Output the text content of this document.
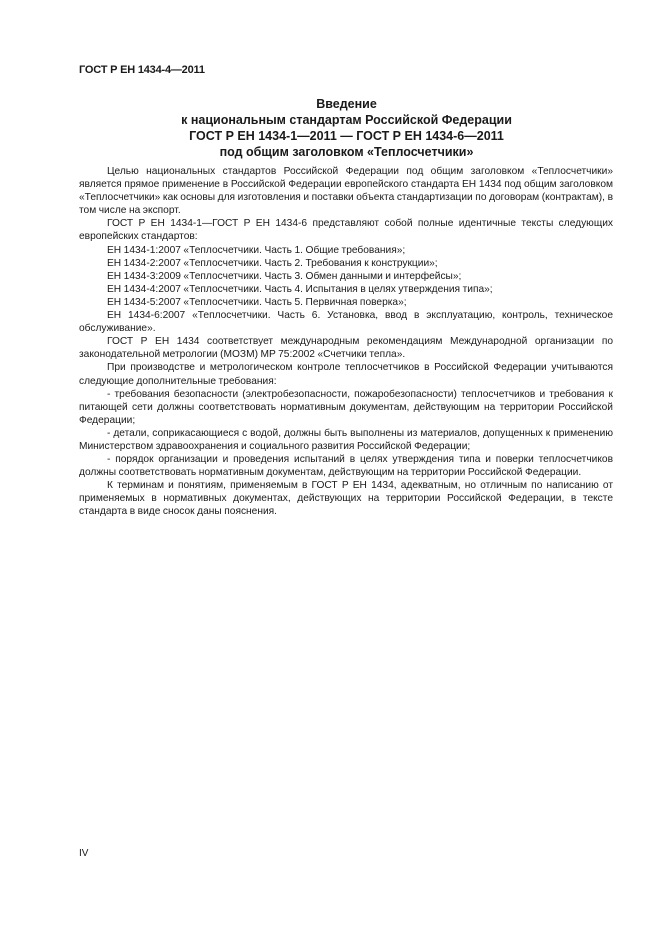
ГОСТ Р ЕН 1434-4—2011
Введение
к национальным стандартам Российской Федерации
ГОСТ Р ЕН 1434-1—2011 — ГОСТ Р ЕН 1434-6—2011
под общим заголовком «Теплосчетчики»

Целью национальных стандартов Российской Федерации под общим заголовком «Теплосчетчики» является прямое применение в Российской Федерации европейского стандарта ЕН 1434 под общим заголовком «Теплосчетчики» как основы для изготовления и поставки объекта стандартизации по договорам (контрактам), в том числе на экспорт.

ГОСТ Р ЕН 1434-1—ГОСТ Р ЕН 1434-6 представляют собой полные идентичные тексты следующих европейских стандартов:

ЕН 1434-1:2007 «Теплосчетчики. Часть 1. Общие требования»;

ЕН 1434-2:2007 «Теплосчетчики. Часть 2. Требования к конструкции»;

ЕН 1434-3:2009 «Теплосчетчики. Часть 3. Обмен данными и интерфейсы»;

ЕН 1434-4:2007 «Теплосчетчики. Часть 4. Испытания в целях утверждения типа»;

ЕН 1434-5:2007 «Теплосчетчики. Часть 5. Первичная поверка»;

ЕН 1434-6:2007 «Теплосчетчики. Часть 6. Установка, ввод в эксплуатацию, контроль, техническое обслуживание».

ГОСТ Р ЕН 1434 соответствует международным рекомендациям Международной организации по законодательной метрологии (МОЗМ) MP 75:2002 «Счетчики тепла».

При производстве и метрологическом контроле теплосчетчиков в Российской Федерации учитываются следующие дополнительные требования:

- требования безопасности (электробезопасности, пожаробезопасности) теплосчетчиков и требования к питающей сети должны соответствовать нормативным документам, действующим на территории Российской Федерации;

- детали, соприкасающиеся с водой, должны быть выполнены из материалов, допущенных к применению Министерством здравоохранения и социального развития Российской Федерации;

- порядок организации и проведения испытаний в целях утверждения типа и поверки теплосчетчиков должны соответствовать нормативным документам, действующим на территории Российской Федерации.

К терминам и понятиям, применяемым в ГОСТ Р ЕН 1434, адекватным, но отличным по написанию от применяемых в нормативных документах, действующих на территории Российской Федерации, в тексте стандарта в виде сносок даны пояснения.

IV
